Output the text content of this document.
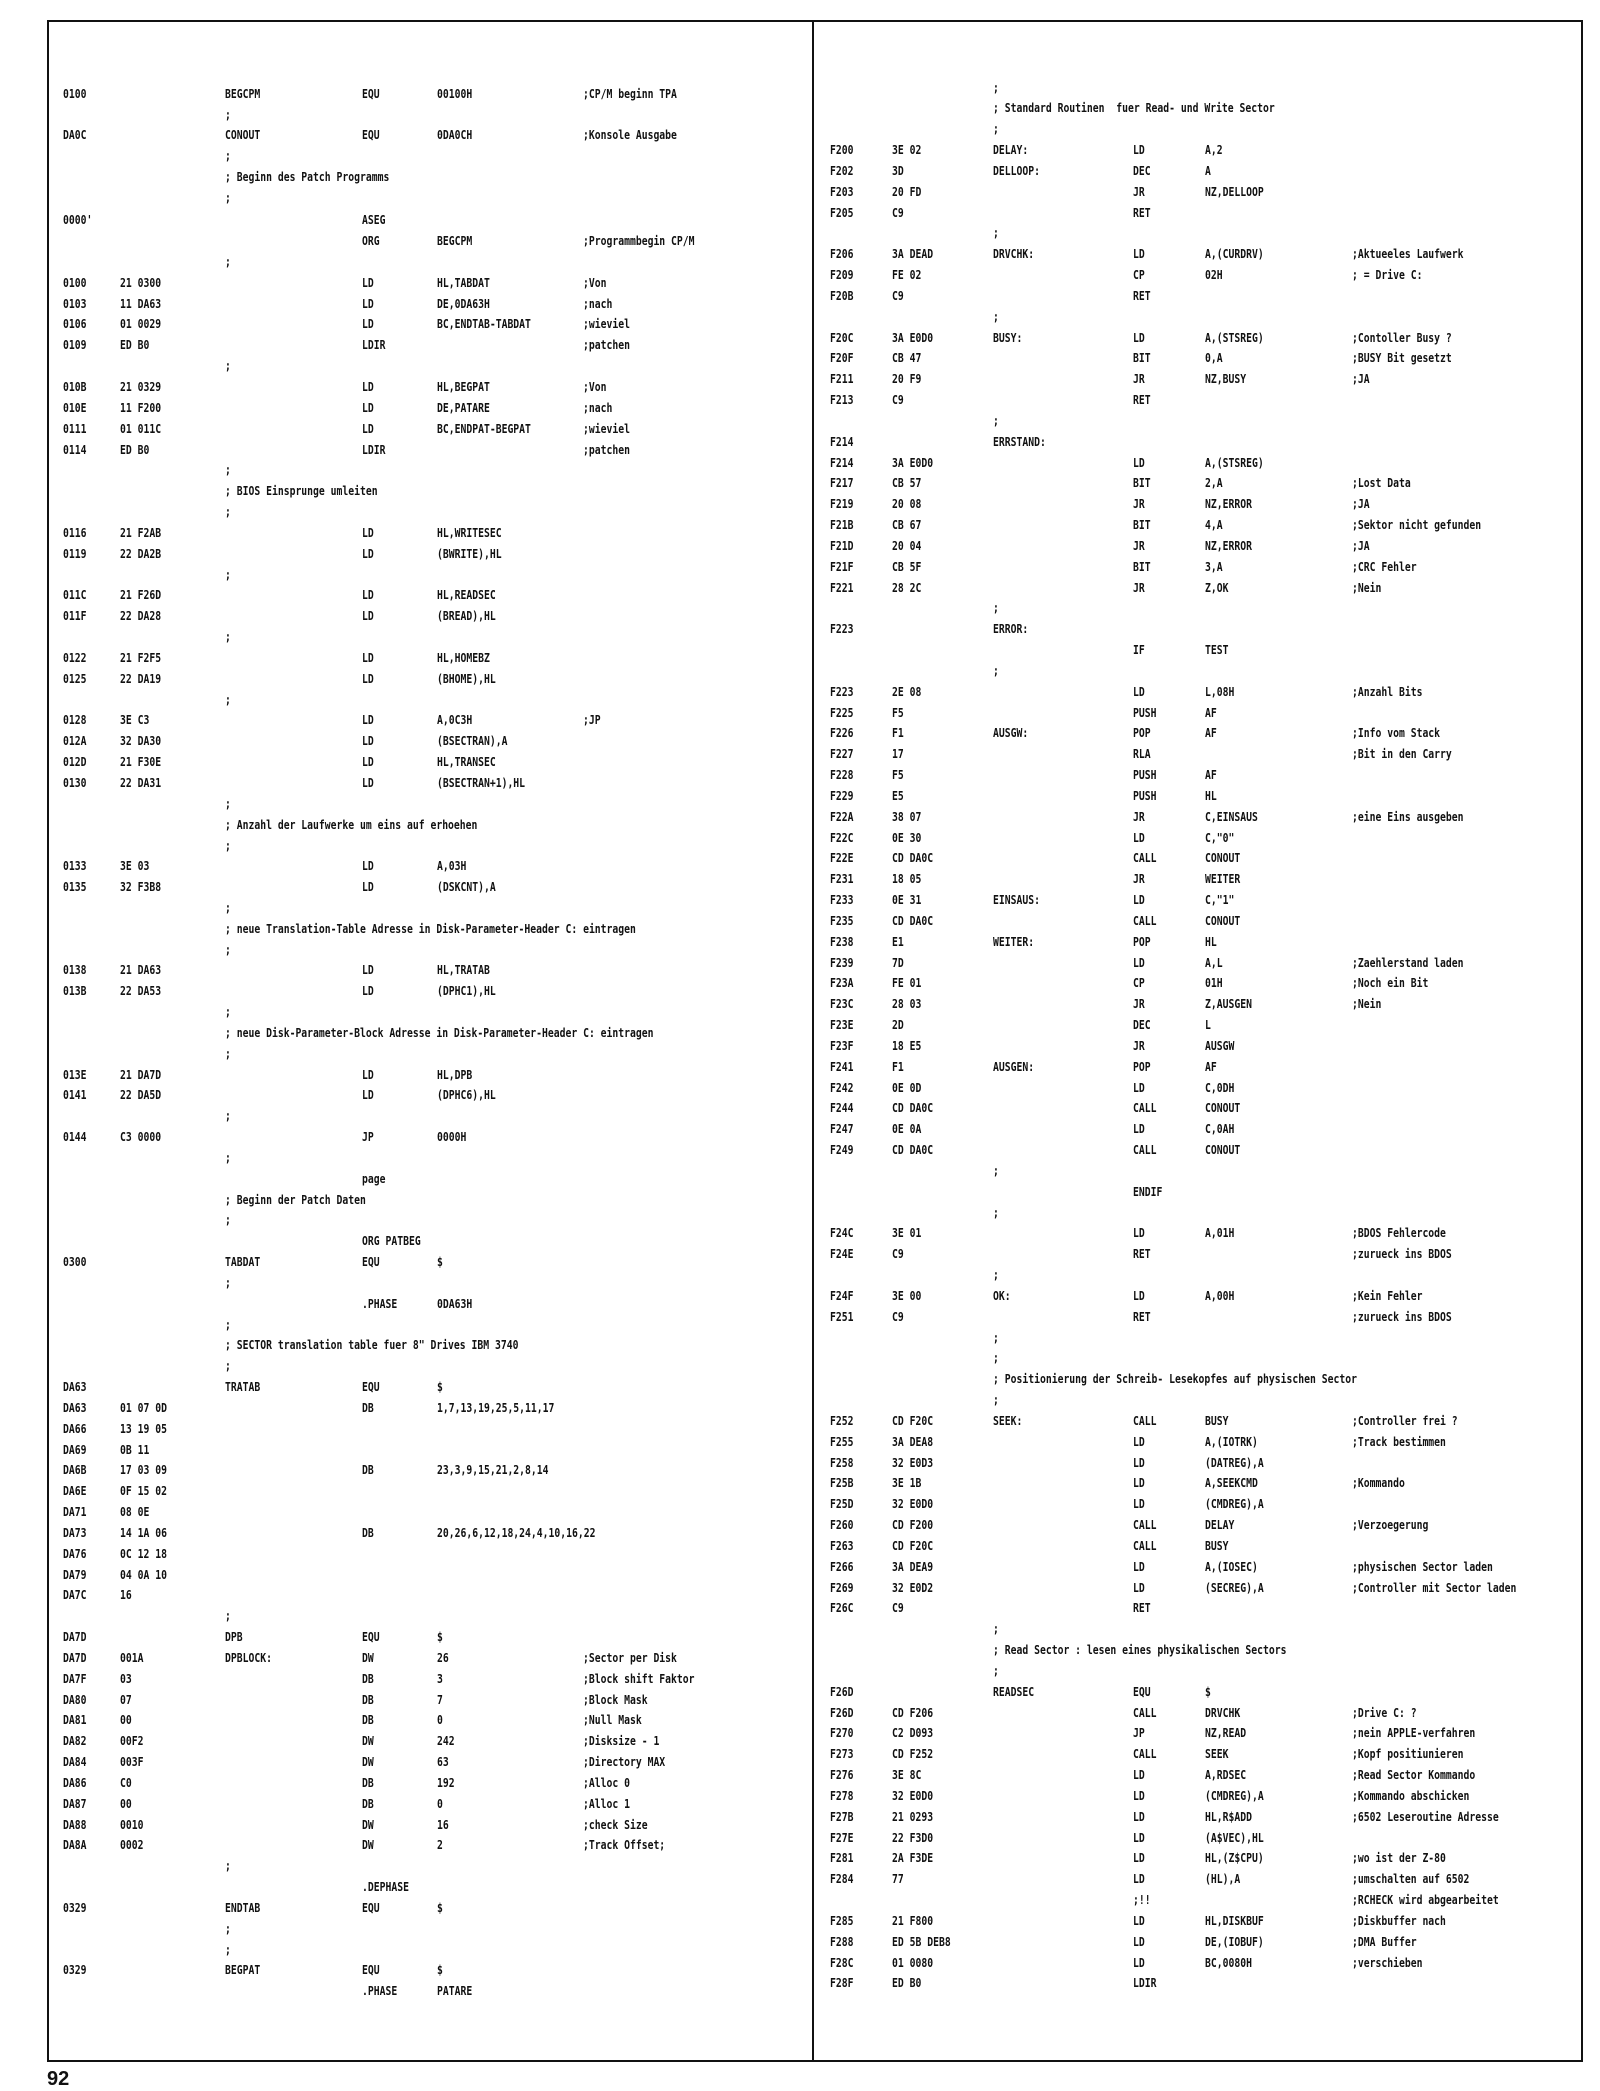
0100	BEGCPM	EQU	00100H	;CP/M beginn TPA
;
DA0C	CONOUT	EQU	0DA0CH	;Konsole Ausgabe
;
; Beginn des Patch Programms
;
0000'	ASEG
ORG	BEGCPM	;Programmbegin CP/M
;
0100	21 0300	LD	HL,TABDAT	;Von
0103	11 DA63	LD	DE,0DA63H	;nach
0106	01 0029	LD	BC,ENDTAB-TABDAT	;wieviel
0109	ED B0	LDIR	;patchen
;
010B	21 0329	LD	HL,BEGPAT	;Von
010E	11 F200	LD	DE,PATARE	;nach
0111	01 011C	LD	BC,ENDPAT-BEGPAT	;wieviel
0114	ED B0	LDIR	;patchen
;
; BIOS Einsprunge umleiten
;
0116	21 F2AB	LD	HL,WRITESEC
0119	22 DA2B	LD	(BWRITE),HL
;
011C	21 F26D	LD	HL,READSEC
011F	22 DA28	LD	(BREAD),HL
;
0122	21 F2F5	LD	HL,HOMEBZ
0125	22 DA19	LD	(BHOME),HL
;
0128	3E C3	LD	A,0C3H	;JP
012A	32 DA30	LD	(BSECTRAN),A
012D	21 F30E	LD	HL,TRANSEC
0130	22 DA31	LD	(BSECTRAN+1),HL
;
; Anzahl der Laufwerke um eins auf erhoehen
;
0133	3E 03	LD	A,03H
0135	32 F3B8	LD	(DSKCNT),A
;
; neue Translation-Table Adresse in Disk-Parameter-Header C: eintragen
;
0138	21 DA63	LD	HL,TRATAB
013B	22 DA53	LD	(DPHC1),HL
;
; neue Disk-Parameter-Block Adresse in Disk-Parameter-Header C: eintragen
;
013E	21 DA7D	LD	HL,DPB
0141	22 DA5D	LD	(DPHC6),HL
;
0144	C3 0000	JP	0000H
;
page
; Beginn der Patch Daten
;
ORG PATBEG
0300	TABDAT	EQU	$
;
.PHASE	0DA63H
;
; SECTOR translation table fuer 8" Drives IBM 3740
;
DA63	TRATAB	EQU	$
DA63	01 07 0D	DB	1,7,13,19,25,5,11,17
DA66	13 19 05
DA69	0B 11
DA6B	17 03 09	DB	23,3,9,15,21,2,8,14
DA6E	0F 15 02
DA71	08 0E
DA73	14 1A 06	DB	20,26,6,12,18,24,4,10,16,22
DA76	0C 12 18
DA79	04 0A 10
DA7C	16
;
DA7D	DPB	EQU	$
DA7D	001A	DPBLOCK:	DW	26	;Sector per Disk
DA7F	03	DB	3	;Block shift Faktor
DA80	07	DB	7	;Block Mask
DA81	00	DB	0	;Null Mask
DA82	00F2	DW	242	;Disksize - 1
DA84	003F	DW	63	;Directory MAX
DA86	C0	DB	192	;Alloc 0
DA87	00	DB	0	;Alloc 1
DA88	0010	DW	16	;check Size
DA8A	0002	DW	2	;Track Offset;
;
.DEPHASE
0329	ENDTAB	EQU	$
;
;
0329	BEGPAT	EQU	$
.PHASE	PATARE
;
; Standard Routinen  fuer Read- und Write Sector
;
F200	3E 02	DELAY:	LD	A,2
F202	3D	DELLOOP:	DEC	A
F203	20 FD	JR	NZ,DELLOOP
F205	C9	RET
;
F206	3A DEAD	DRVCHK:	LD	A,(CURDRV)	;Aktueeles Laufwerk
F209	FE 02	CP	02H	; = Drive C:
F20B	C9	RET
;
F20C	3A E0D0	BUSY:	LD	A,(STSREG)	;Contoller Busy ?
F20F	CB 47	BIT	0,A	;BUSY Bit gesetzt
F211	20 F9	JR	NZ,BUSY	;JA
F213	C9	RET
;
F214	ERRSTAND:
F214	3A E0D0	LD	A,(STSREG)
F217	CB 57	BIT	2,A	;Lost Data
F219	20 08	JR	NZ,ERROR	;JA
F21B	CB 67	BIT	4,A	;Sektor nicht gefunden
F21D	20 04	JR	NZ,ERROR	;JA
F21F	CB 5F	BIT	3,A	;CRC Fehler
F221	28 2C	JR	Z,OK	;Nein
;
F223	ERROR:
IF	TEST
;
F223	2E 08	LD	L,08H	;Anzahl Bits
F225	F5	PUSH	AF
F226	F1	AUSGW:	POP	AF	;Info vom Stack
F227	17	RLA	;Bit in den Carry
F228	F5	PUSH	AF
F229	E5	PUSH	HL
F22A	38 07	JR	C,EINSAUS	;eine Eins ausgeben
F22C	0E 30	LD	C,"0"
F22E	CD DA0C	CALL	CONOUT
F231	18 05	JR	WEITER
F233	0E 31	EINSAUS:	LD	C,"1"
F235	CD DA0C	CALL	CONOUT
F238	E1	WEITER:	POP	HL
F239	7D	LD	A,L	;Zaehlerstand laden
F23A	FE 01	CP	01H	;Noch ein Bit
F23C	28 03	JR	Z,AUSGEN	;Nein
F23E	2D	DEC	L
F23F	18 E5	JR	AUSGW
F241	F1	AUSGEN:	POP	AF
F242	0E 0D	LD	C,0DH
F244	CD DA0C	CALL	CONOUT
F247	0E 0A	LD	C,0AH
F249	CD DA0C	CALL	CONOUT
;
ENDIF
;
F24C	3E 01	LD	A,01H	;BDOS Fehlercode
F24E	C9	RET	;zurueck ins BDOS
;
F24F	3E 00	OK:	LD	A,00H	;Kein Fehler
F251	C9	RET	;zurueck ins BDOS
;
;
; Positionierung der Schreib- Lesekopfes auf physischen Sector
;
F252	CD F20C	SEEK:	CALL	BUSY	;Controller frei ?
F255	3A DEA8	LD	A,(IOTRK)	;Track bestimmen
F258	32 E0D3	LD	(DATREG),A
F25B	3E 1B	LD	A,SEEKCMD	;Kommando
F25D	32 E0D0	LD	(CMDREG),A
F260	CD F200	CALL	DELAY	;Verzoegerung
F263	CD F20C	CALL	BUSY
F266	3A DEA9	LD	A,(IOSEC)	;physischen Sector laden
F269	32 E0D2	LD	(SECREG),A	;Controller mit Sector laden
F26C	C9	RET
;
; Read Sector : lesen eines physikalischen Sectors
;
F26D	READSEC	EQU	$
F26D	CD F206	CALL	DRVCHK	;Drive C: ?
F270	C2 D093	JP	NZ,READ	;nein APPLE-verfahren
F273	CD F252	CALL	SEEK	;Kopf positiunieren
F276	3E 8C	LD	A,RDSEC	;Read Sector Kommando
F278	32 E0D0	LD	(CMDREG),A	;Kommando abschicken
F27B	21 0293	LD	HL,R$ADD	;6502 Leseroutine Adresse
F27E	22 F3D0	LD	(A$VEC),HL
F281	2A F3DE	LD	HL,(Z$CPU)	;wo ist der Z-80
F284	77	LD	(HL),A	;umschalten auf 6502
;!!	;RCHECK wird abgearbeitet
F285	21 F800	LD	HL,DISKBUF	;Diskbuffer nach
F288	ED 5B DEB8	LD	DE,(IOBUF)	;DMA Buffer
F28C	01 0080	LD	BC,0080H	;verschieben
F28F	ED B0	LDIR
92
